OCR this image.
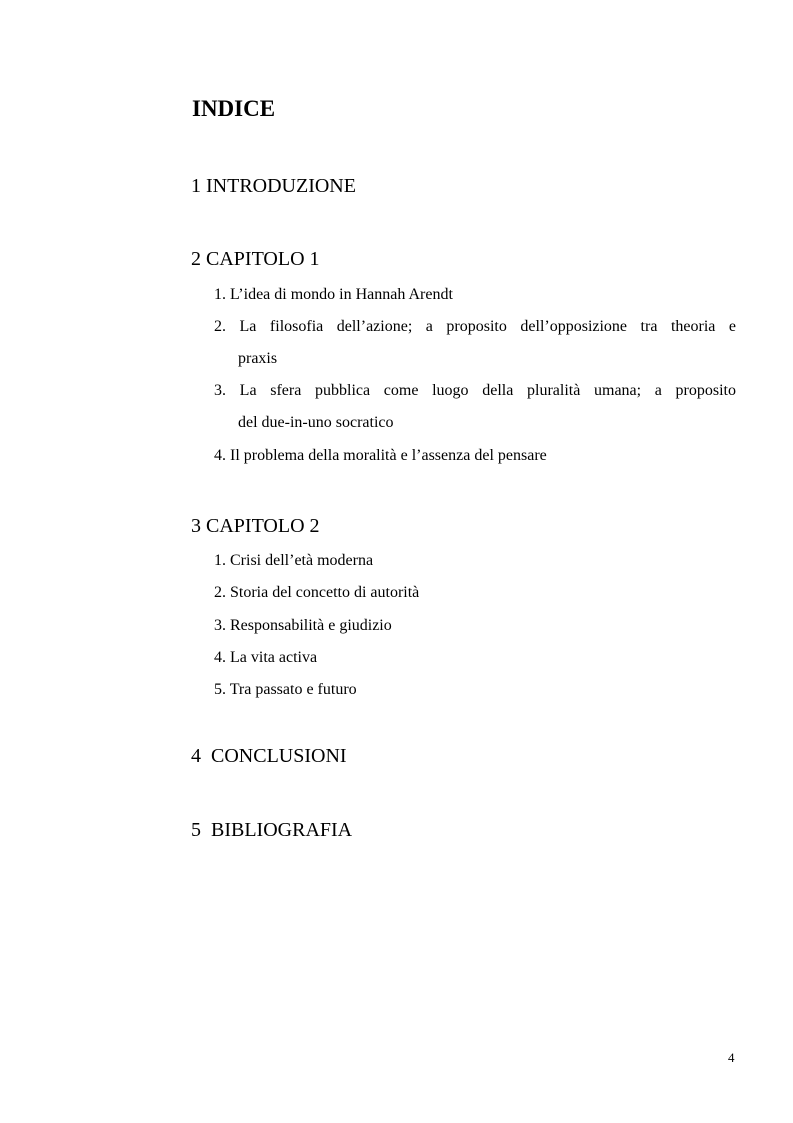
INDICE
1 INTRODUZIONE
2 CAPITOLO 1
1. L’idea di mondo in Hannah Arendt
2. La filosofia dell’azione; a proposito dell’opposizione tra theoria e
praxis
3. La sfera pubblica come luogo della pluralità umana; a proposito
del due-in-uno socratico
4. Il problema della moralità e l’assenza del pensare
3 CAPITOLO 2
1. Crisi dell’età moderna
2. Storia del concetto di autorità
3. Responsabilità e giudizio
4. La vita activa
5. Tra passato e futuro
4  CONCLUSIONI
5  BIBLIOGRAFIA
4
